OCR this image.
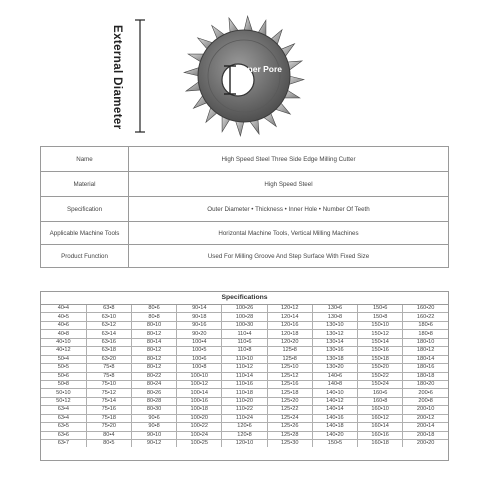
External Diameter	Inner Pore
Name	High Speed Steel Three Side Edge Milling Cutter
Material	High Speed Steel
Specification	Outer Diameter • Thickness • Inner Hole • Number Of Teeth
Applicable Machine Tools	Horizontal Machine Tools, Vertical Milling Machines
Product Function	Used For Milling Groove And Step Surface With Fixed Size
Specifications
40•4	63•8	80•6	90•14	100•26	120•12	130•6	150•6	160•20
40•5	63•10	80•8	90•18	100•28	120•14	130•8	150•8	160•22
40•6	63•12	80•10	90•16	100•30	120•16	130•10	150•10	180•6
40•8	63•14	80•12	90•20	110•4	120•18	130•12	150•12	180•8
40•10	63•16	80•14	100•4	110•6	120•20	130•14	150•14	180•10
40•12	63•18	80•12	100•5	110•8	125•8	130•16	150•16	180•12
50•4	63•20	80•12	100•6	110•10	125•8	130•18	150•18	180•14
50•5	75•8	80•12	100•8	110•12	125•10	130•20	150•20	180•16
50•6	75•8	80•22	100•10	110•14	125•12	140•6	150•22	180•18
50•8	75•10	80•24	100•12	110•16	125•16	140•8	150•24	180•20
50•10	75•12	80•26	100•14	110•18	125•18	140•10	160•6	200•6
50•12	75•14	80•28	100•16	110•20	125•20	140•12	160•8	200•8
63•4	75•16	80•30	100•18	110•22	125•22	140•14	160•10	200•10
63•4	75•18	90•6	100•20	110•24	125•24	140•16	160•12	200•12
63•5	75•20	90•8	100•22	120•6	125•26	140•18	160•14	200•14
63•6	80•4	90•10	100•24	120•8	125•28	140•20	160•16	200•18
63•7	80•5	90•12	100•25	120•10	125•30	150•5	160•18	200•20
